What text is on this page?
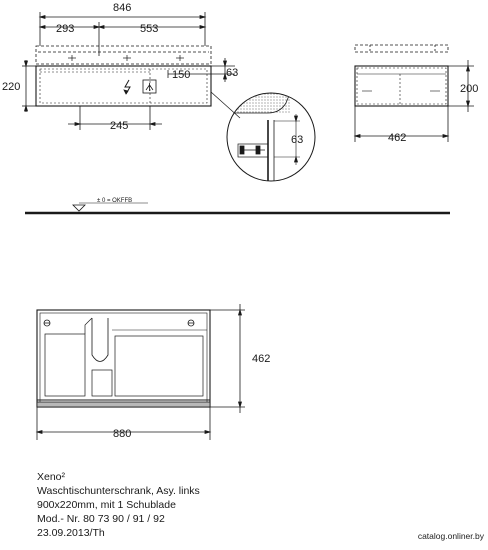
846
293	553
220
150	63
245
63
200
462
± 0 = OKFFB
462
880
Xeno²
Waschtischunterschrank, Asy. links
900x220mm, mit 1 Schublade
Mod.- Nr. 80 73 90 / 91 / 92
23.09.2013/Th	catalog.onliner.by
